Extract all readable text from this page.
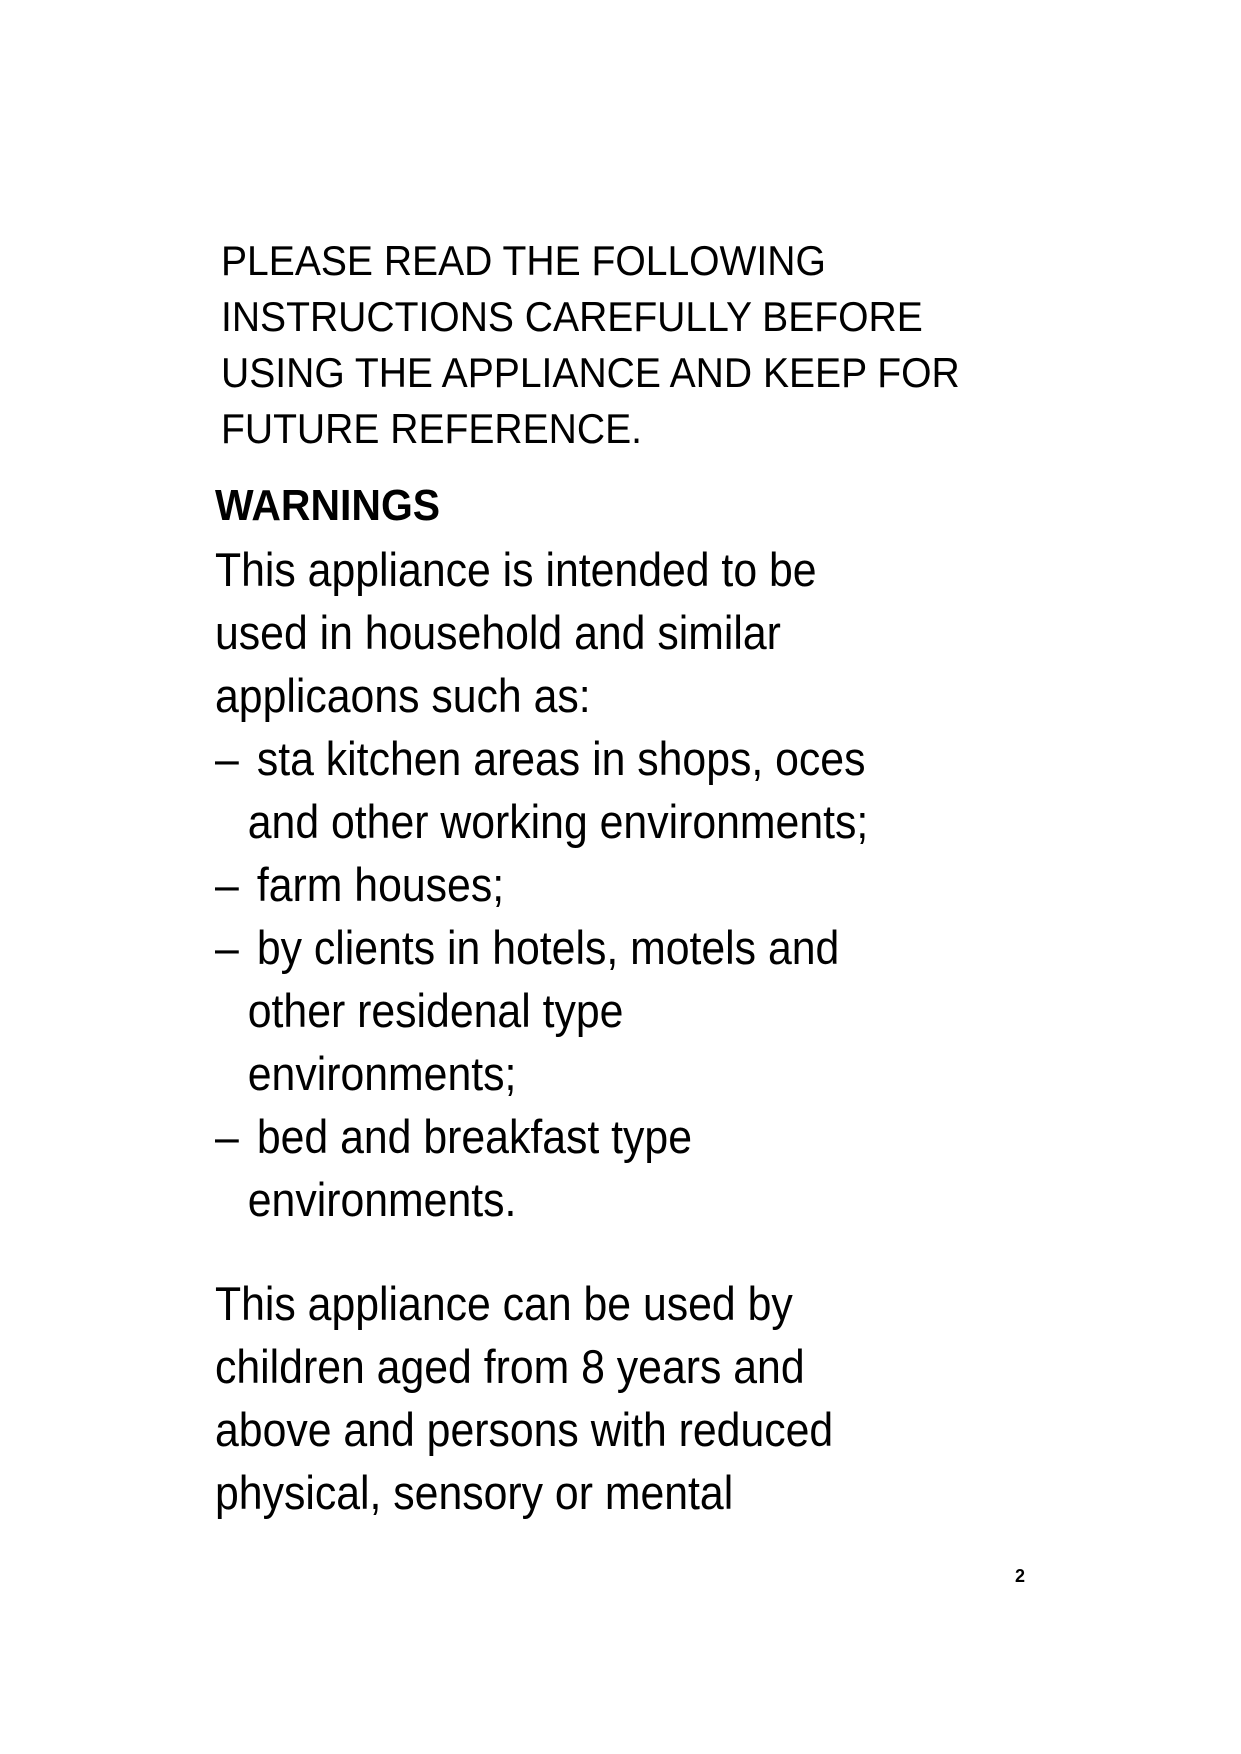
PLEASE READ THE FOLLOWING
INSTRUCTIONS CAREFULLY BEFORE
USING THE APPLIANCE AND KEEP FOR
FUTURE REFERENCE.
WARNINGS
This appliance is intended to be
used in household and similar
applicaons such as:
– sta kitchen areas in shops, oces
and other working environments;
– farm houses;
– by clients in hotels, motels and
other residenal type
environments;
– bed and breakfast type
environments.
This appliance can be used by
children aged from 8 years and
above and persons with reduced
physical, sensory or mental
2
